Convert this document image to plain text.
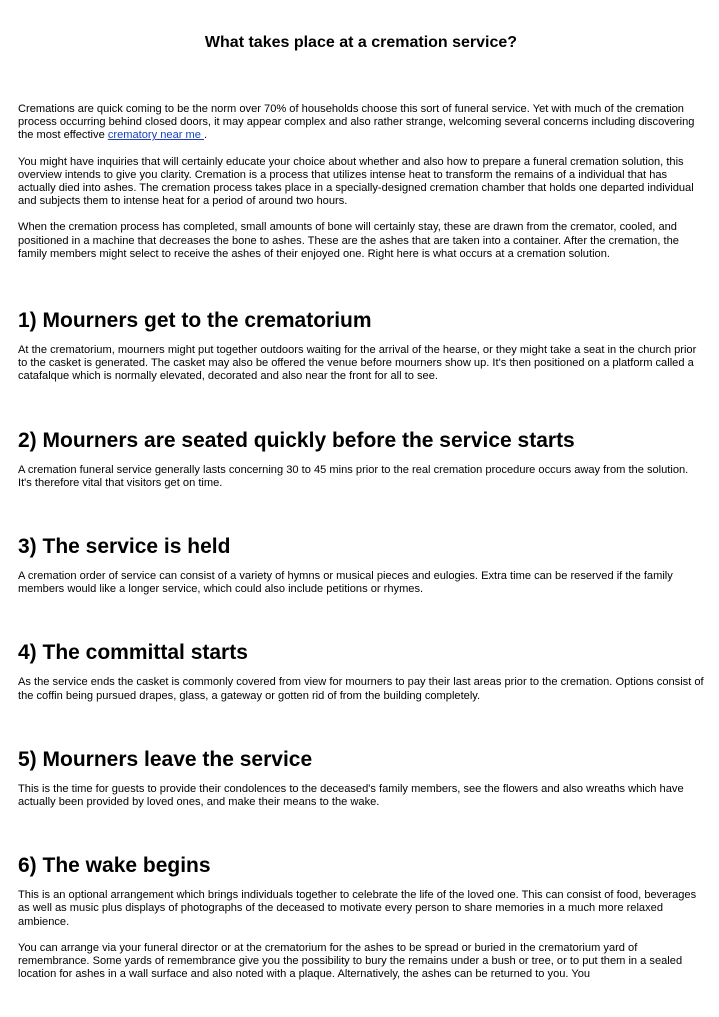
What takes place at a cremation service?

Cremations are quick coming to be the norm over 70% of households choose this sort of funeral service. Yet with much of the cremation process occurring behind closed doors, it may appear complex and also rather strange, welcoming several concerns including discovering the most effective crematory near me .

You might have inquiries that will certainly educate your choice about whether and also how to prepare a funeral cremation solution, this overview intends to give you clarity. Cremation is a process that utilizes intense heat to transform the remains of a individual that has actually died into ashes. The cremation process takes place in a specially-designed cremation chamber that holds one departed individual and subjects them to intense heat for a period of around two hours.

When the cremation process has completed, small amounts of bone will certainly stay, these are drawn from the cremator, cooled, and positioned in a machine that decreases the bone to ashes. These are the ashes that are taken into a container. After the cremation, the family members might select to receive the ashes of their enjoyed one. Right here is what occurs at a cremation solution.

1) Mourners get to the crematorium

At the crematorium, mourners might put together outdoors waiting for the arrival of the hearse, or they might take a seat in the church prior to the casket is generated. The casket may also be offered the venue before mourners show up. It's then positioned on a platform called a catafalque which is normally elevated, decorated and also near the front for all to see.

2) Mourners are seated quickly before the service starts

A cremation funeral service generally lasts concerning 30 to 45 mins prior to the real cremation procedure occurs away from the solution. It's therefore vital that visitors get on time.

3) The service is held

A cremation order of service can consist of a variety of hymns or musical pieces and eulogies. Extra time can be reserved if the family members would like a longer service, which could also include petitions or rhymes.

4) The committal starts

As the service ends the casket is commonly covered from view for mourners to pay their last areas prior to the cremation. Options consist of the coffin being pursued drapes, glass, a gateway or gotten rid of from the building completely.

5) Mourners leave the service

This is the time for guests to provide their condolences to the deceased's family members, see the flowers and also wreaths which have actually been provided by loved ones, and make their means to the wake.

6) The wake begins

This is an optional arrangement which brings individuals together to celebrate the life of the loved one. This can consist of food, beverages as well as music plus displays of photographs of the deceased to motivate every person to share memories in a much more relaxed ambience.

You can arrange via your funeral director or at the crematorium for the ashes to be spread or buried in the crematorium yard of remembrance. Some yards of remembrance give you the possibility to bury the remains under a bush or tree, or to put them in a sealed location for ashes in a wall surface and also noted with a plaque. Alternatively, the ashes can be returned to you. You
